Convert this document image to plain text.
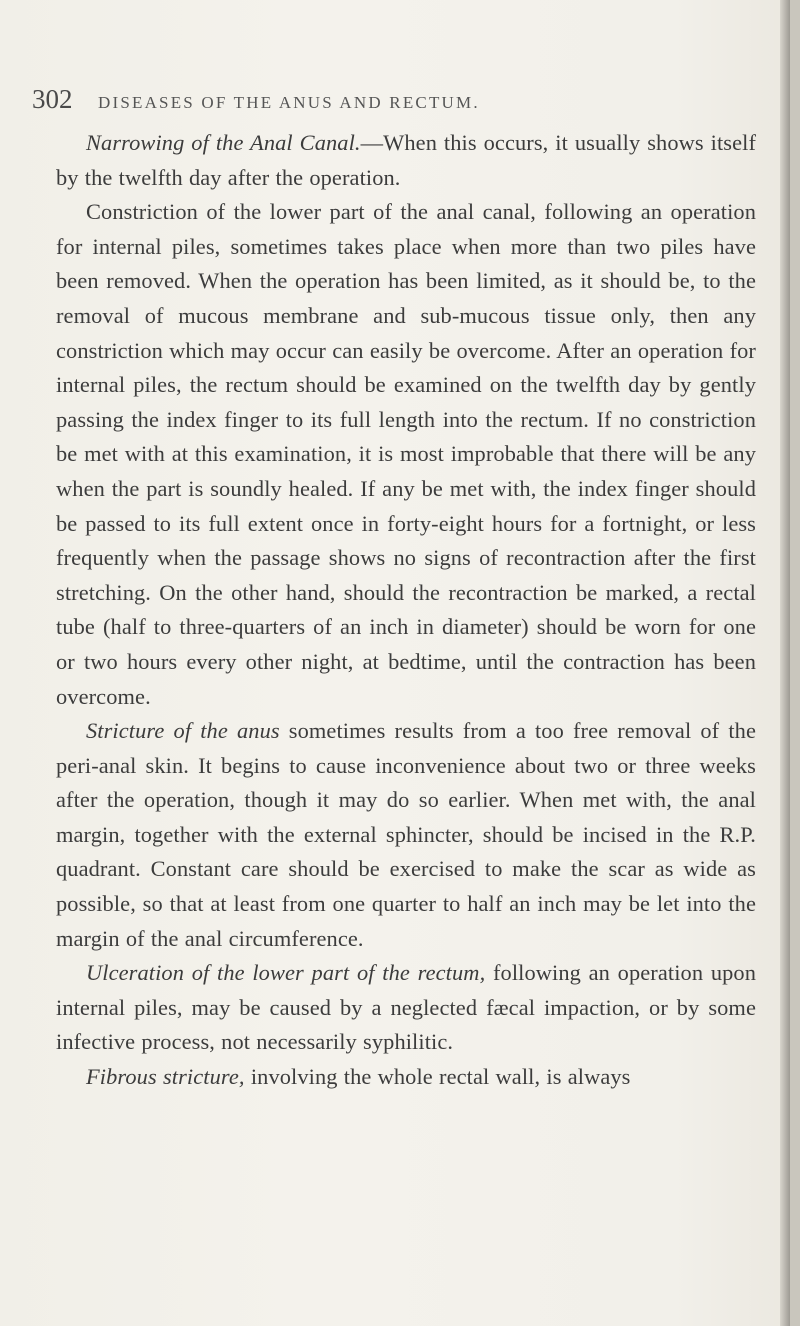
302 DISEASES OF THE ANUS AND RECTUM.

Narrowing of the Anal Canal.—When this occurs, it usually shows itself by the twelfth day after the operation.

Constriction of the lower part of the anal canal, following an operation for internal piles, sometimes takes place when more than two piles have been removed. When the operation has been limited, as it should be, to the removal of mucous membrane and sub-mucous tissue only, then any constriction which may occur can easily be overcome. After an operation for internal piles, the rectum should be examined on the twelfth day by gently passing the index finger to its full length into the rectum. If no constriction be met with at this examination, it is most improbable that there will be any when the part is soundly healed. If any be met with, the index finger should be passed to its full extent once in forty-eight hours for a fortnight, or less frequently when the passage shows no signs of recontraction after the first stretching. On the other hand, should the recontraction be marked, a rectal tube (half to three-quarters of an inch in diameter) should be worn for one or two hours every other night, at bedtime, until the contraction has been overcome.

Stricture of the anus sometimes results from a too free removal of the peri-anal skin. It begins to cause inconvenience about two or three weeks after the operation, though it may do so earlier. When met with, the anal margin, together with the external sphincter, should be incised in the R.P. quadrant. Constant care should be exercised to make the scar as wide as possible, so that at least from one quarter to half an inch may be let into the margin of the anal circumference.

Ulceration of the lower part of the rectum, following an operation upon internal piles, may be caused by a neglected fæcal impaction, or by some infective process, not necessarily syphilitic.

Fibrous stricture, involving the whole rectal wall, is always
